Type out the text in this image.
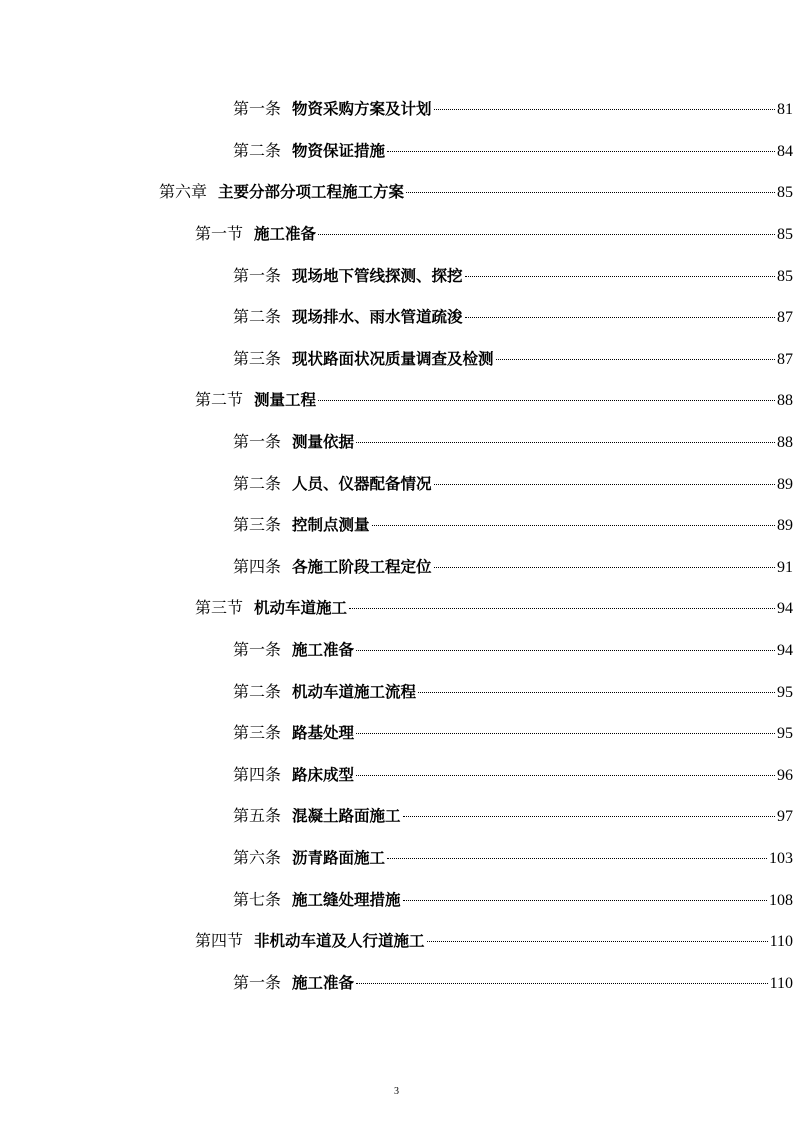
第一条 物资采购方案及计划	81
第二条 物资保证措施	84
第六章 主要分部分项工程施工方案	85
第一节 施工准备	85
第一条 现场地下管线探测、探挖	85
第二条 现场排水、雨水管道疏浚	87
第三条 现状路面状况质量调查及检测	87
第二节 测量工程	88
第一条 测量依据	88
第二条 人员、仪器配备情况	89
第三条 控制点测量	89
第四条 各施工阶段工程定位	91
第三节 机动车道施工	94
第一条 施工准备	94
第二条 机动车道施工流程	95
第三条 路基处理	95
第四条 路床成型	96
第五条 混凝土路面施工	97
第六条 沥青路面施工	103
第七条 施工缝处理措施	108
第四节 非机动车道及人行道施工	110
第一条 施工准备	110
3
